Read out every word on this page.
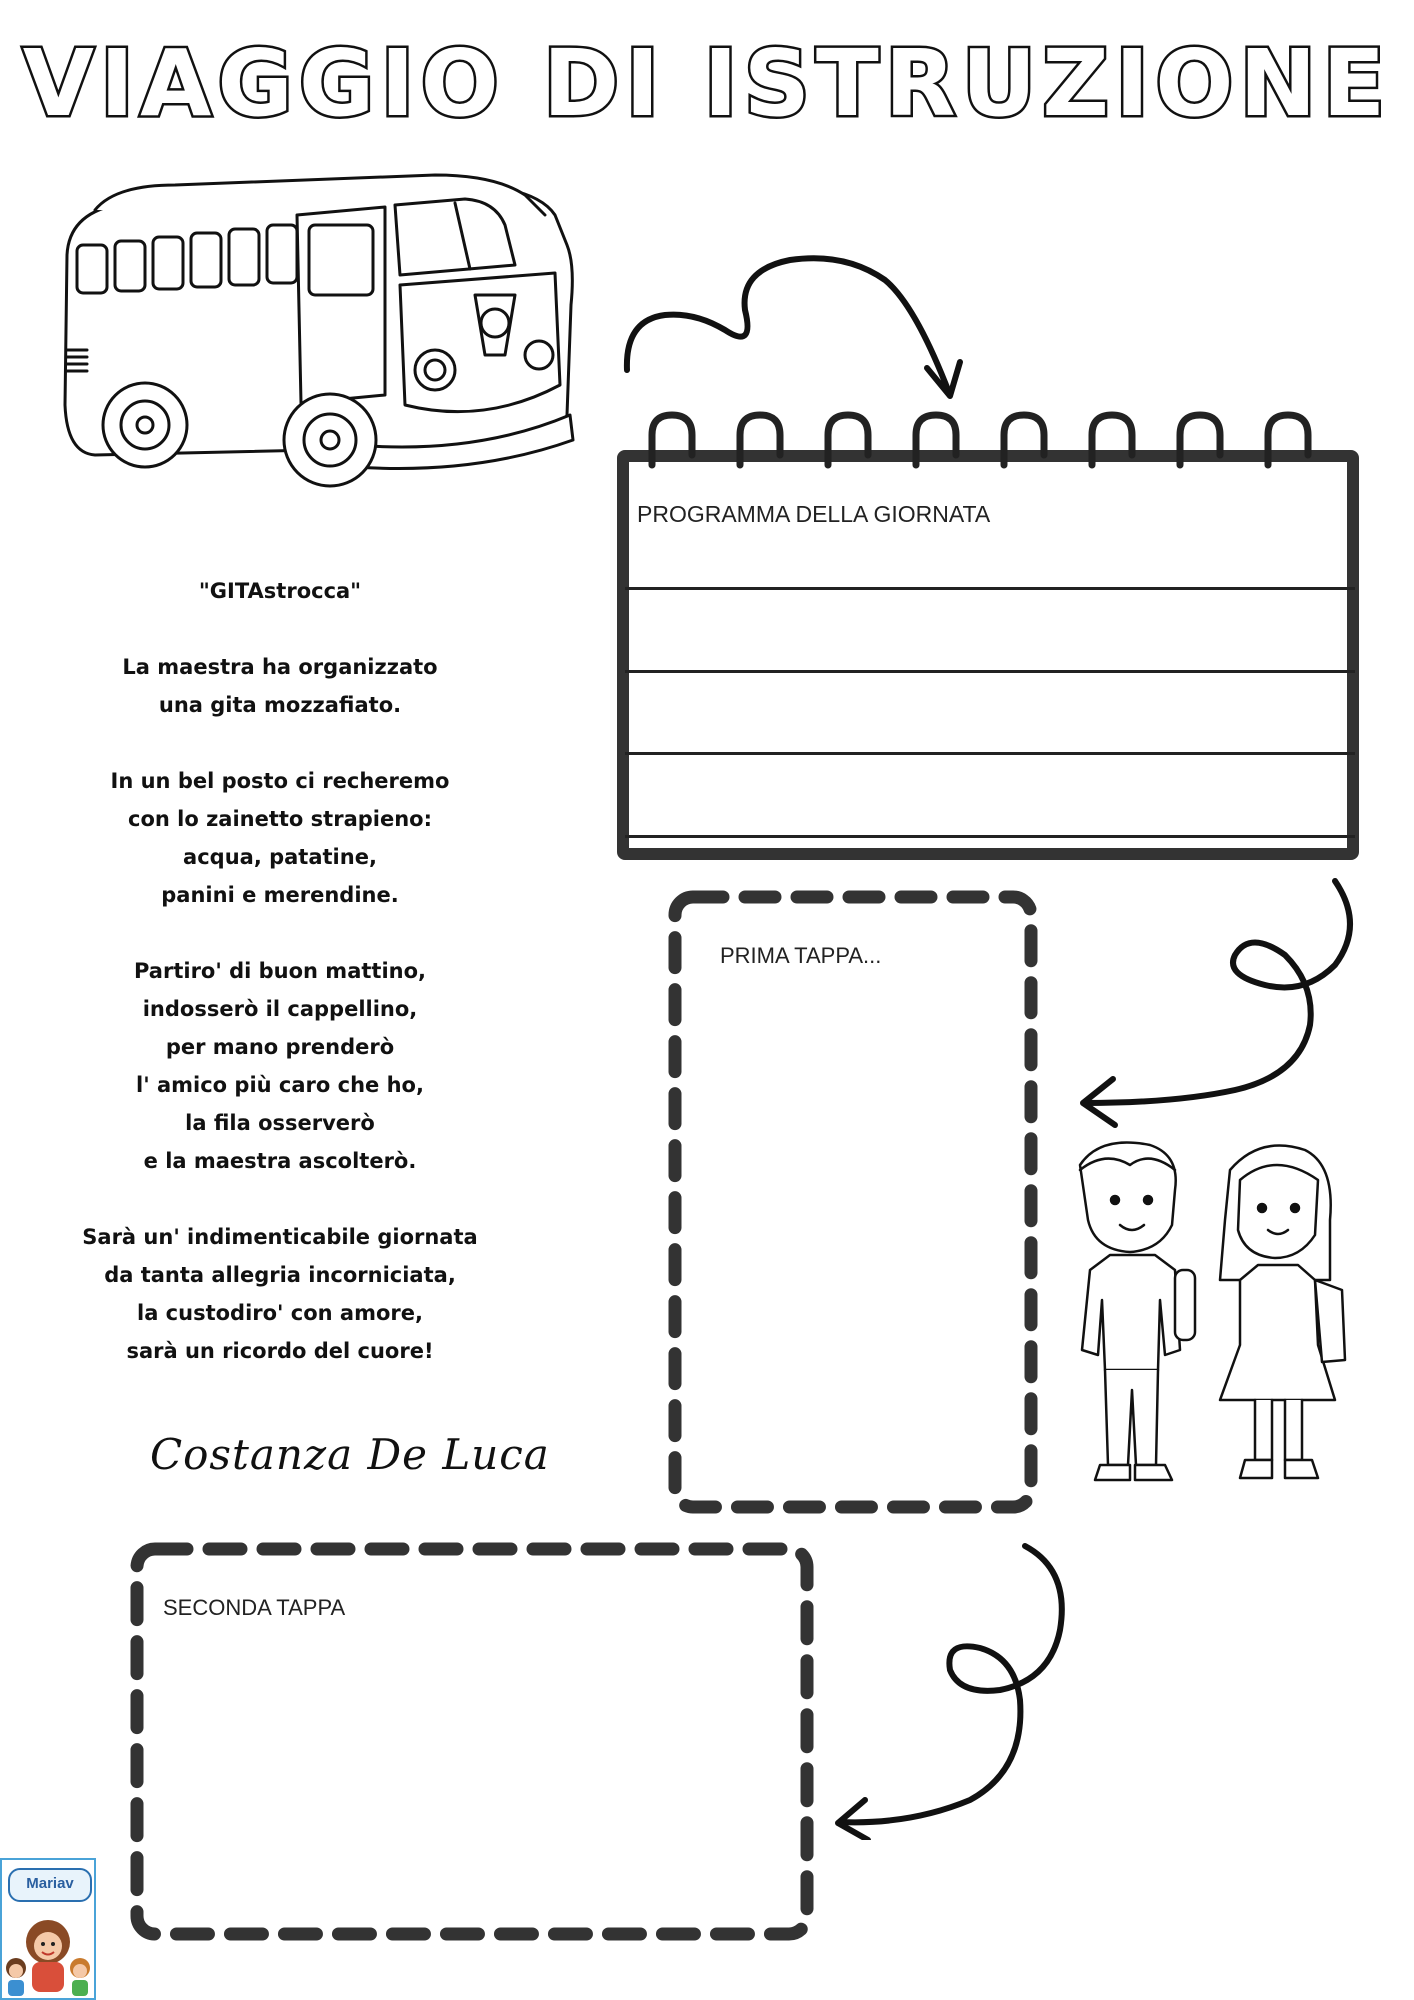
VIAGGIO DI ISTRUZIONE
"GITAstrocca"
La maestra ha organizzato
una gita mozzafiato.
In un bel posto ci recheremo
con lo zainetto strapieno:
acqua, patatine,
panini e merendine.
Partiro' di buon mattino,
indosserò il cappellino,
per mano prenderò
l' amico più caro che ho,
la fila osserverò
e la maestra ascolterò.
Sarà un' indimenticabile giornata
da tanta allegria incorniciata,
la custodiro' con amore,
sarà un ricordo del cuore!
Costanza De Luca
PROGRAMMA DELLA GIORNATA
PRIMA TAPPA...
SECONDA TAPPA
Mariav
